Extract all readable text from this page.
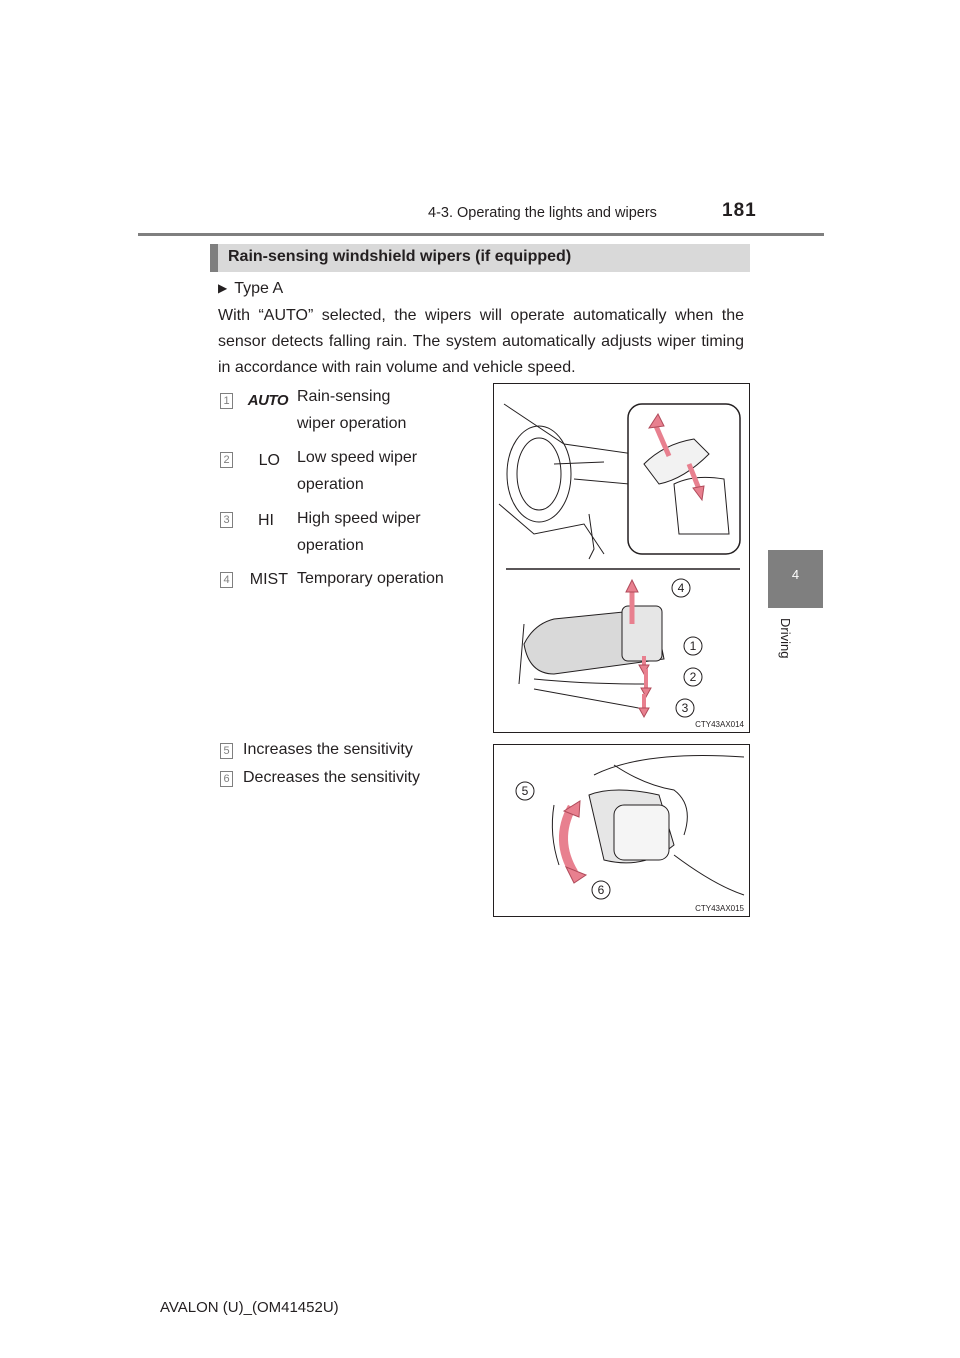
4-3. Operating the lights and wipers	181
4
Driving
Rain-sensing windshield wipers (if equipped)
▶ Type A
With “AUTO” selected, the wipers will operate automatically when the sensor detects falling rain. The system automatically adjusts wiper timing in accordance with rain volume and vehicle speed.
1	AUTO Rain-sensing
wiper operation
2	LO Low speed wiper
operation
3	HI High speed wiper
operation
4	MIST Temporary operation
5 Increases the sensitivity
6 Decreases the sensitivity
4
1
2
3
CTY43AX014
5
6
CTY43AX015
AVALON (U)_(OM41452U)
